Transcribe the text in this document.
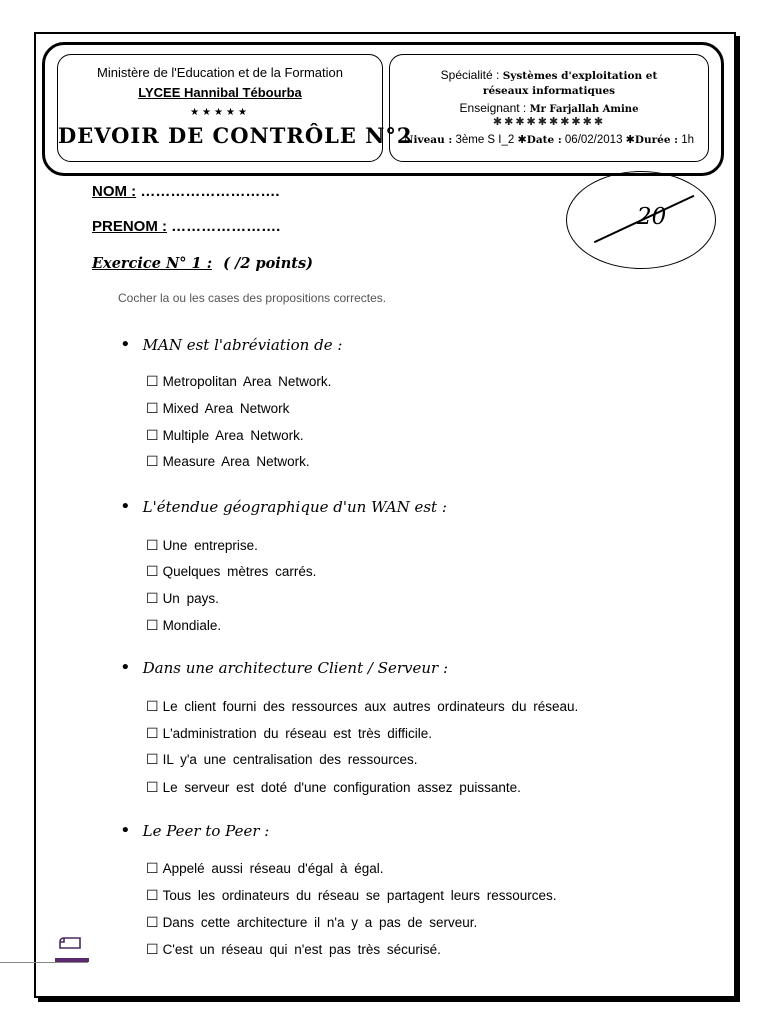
Ministère de l'Education et de la Formation
LYCEE Hannibal Tébourba
★★★★★
DEVOIR DE CONTRÔLE N°2
Spécialité : Systèmes d'exploitation et
réseaux informatiques
Enseignant : Mr Farjallah Amine
✱✱✱✱✱✱✱✱✱✱
Niveau : 3ème S I_2 ✱Date : 06/02/2013 ✱Durée : 1h
NOM : ……………………….
PRENOM : ………………….	20
Exercice N° 1 : ( /2 points)
Cocher la ou les cases des propositions correctes.
• MAN est l'abréviation de :
☐ Metropolitan Area Network.
☐ Mixed Area Network
☐ Multiple Area Network.
☐ Measure Area Network.
• L'étendue géographique d'un WAN est :
☐ Une entreprise.
☐ Quelques mètres carrés.
☐ Un pays.
☐ Mondiale.
• Dans une architecture Client / Serveur :
☐ Le client fourni des ressources aux autres ordinateurs du réseau.
☐ L'administration du réseau est très difficile.
☐ IL y'a une centralisation des ressources.
☐ Le serveur est doté d'une configuration assez puissante.
• Le Peer to Peer :
☐ Appelé aussi réseau d'égal à égal.
☐ Tous les ordinateurs du réseau se partagent leurs ressources.
☐ Dans cette architecture il n'a y a pas de serveur.
☐ C'est un réseau qui n'est pas très sécurisé.
